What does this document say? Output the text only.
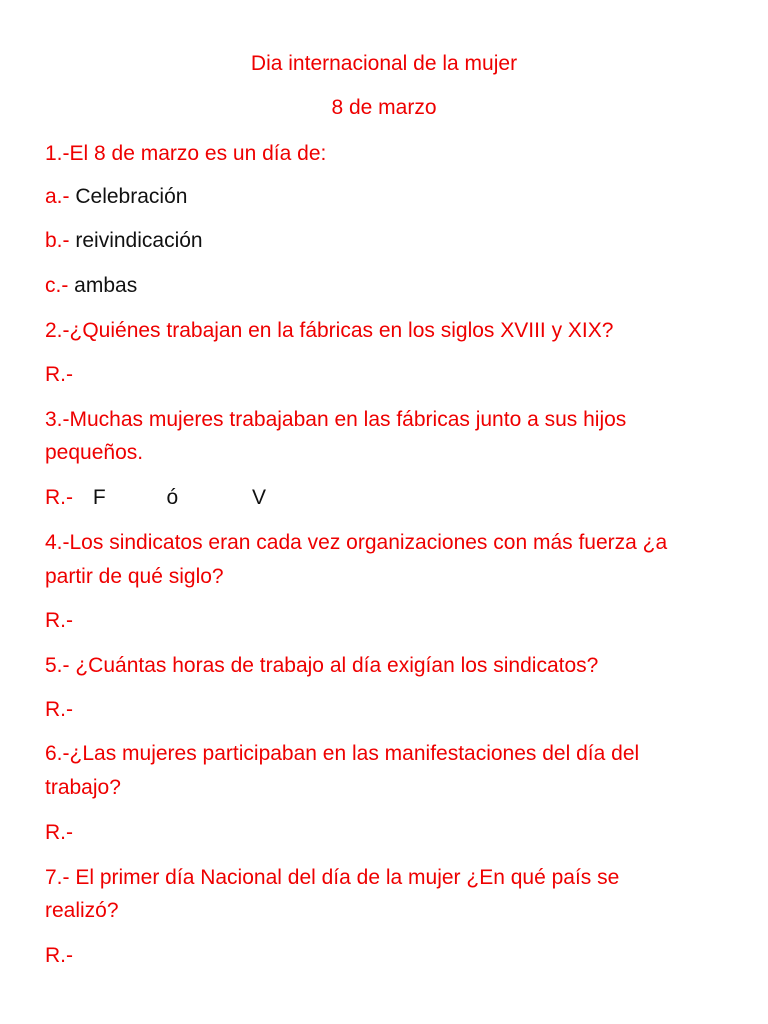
Dia internacional de la mujer
8 de marzo
1.-El 8 de marzo es un día de:
a.- Celebración
b.- reivindicación
c.- ambas
2.-¿Quiénes trabajan en la fábricas en los siglos XVIII y XIX?
R.-
3.-Muchas mujeres trabajaban en las fábricas junto a sus hijos
pequeños.
R.- F	ó	V
4.-Los sindicatos eran cada vez organizaciones con más fuerza ¿a
partir de qué siglo?
R.-
5.- ¿Cuántas horas de trabajo al día exigían los sindicatos?
R.-
6.-¿Las mujeres participaban en las manifestaciones del día del
trabajo?
R.-
7.- El primer día Nacional del día de la mujer ¿En qué país se
realizó?
R.-
